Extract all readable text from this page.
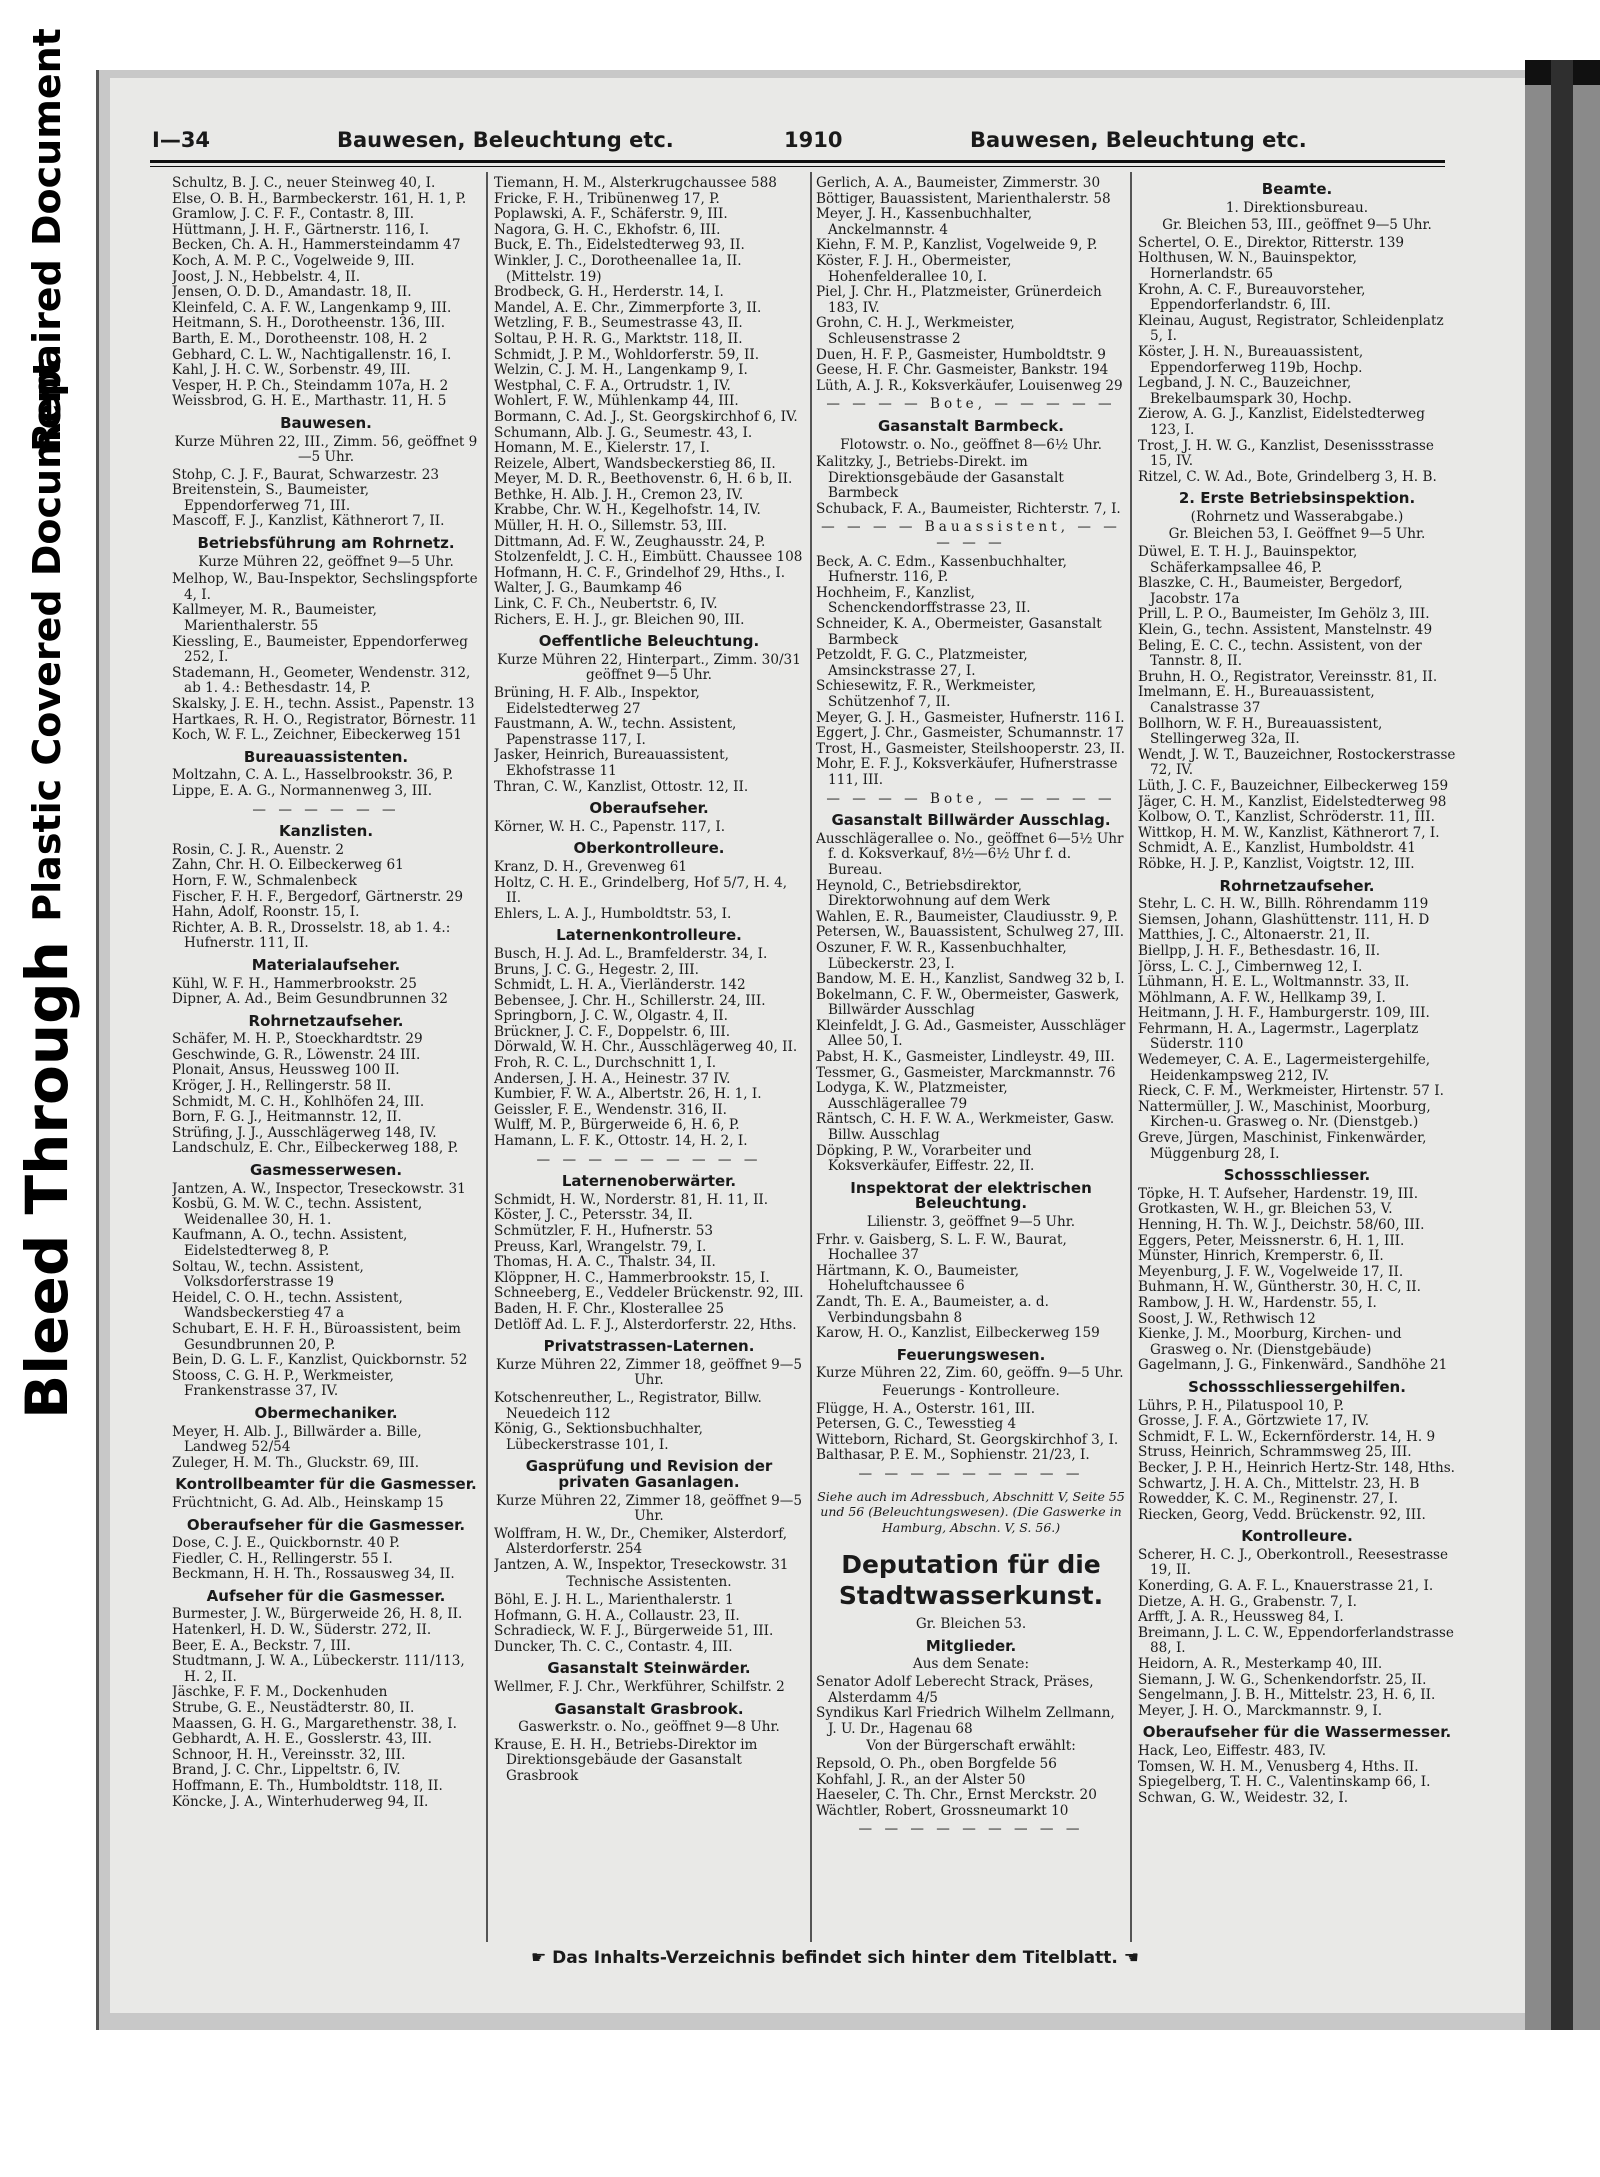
Bleed Through
Plastic Covered Document
Repaired Document	I—34	Bauwesen, Beleuchtung etc.	1910	Bauwesen, Beleuchtung etc.

Schultz, B. J. C., neuer Steinweg 40, I.

Else, O. B. H., Barmbeckerstr. 161, H. 1, P.

Gramlow, J. C. F. F., Contastr. 8, III.

Hüttmann, J. H. F., Gärtnerstr. 116, I.

Becken, Ch. A. H., Hammersteindamm 47

Koch, A. M. P. C., Vogelweide 9, III.

Joost, J. N., Hebbelstr. 4, II.

Jensen, O. D. D., Amandastr. 18, II.

Kleinfeld, C. A. F. W., Langenkamp 9, III.

Heitmann, S. H., Dorotheenstr. 136, III.

Barth, E. M., Dorotheenstr. 108, H. 2

Gebhard, C. L. W., Nachtigallenstr. 16, I.

Kahl, J. H. C. W., Sorbenstr. 49, III.

Vesper, H. P. Ch., Steindamm 107a, H. 2

Weissbrod, G. H. E., Marthastr. 11, H. 5

Bauwesen.

Kurze Mühren 22, III., Zimm. 56, geöffnet 9—5 Uhr.

Stohp, C. J. F., Baurat, Schwarzestr. 23

Breitenstein, S., Baumeister, Eppendorferweg 71, III.

Mascoff, F. J., Kanzlist, Käthnerort 7, II.

Betriebsführung am Rohrnetz.

Kurze Mühren 22, geöffnet 9—5 Uhr.

Melhop, W., Bau-Inspektor, Sechslingspforte 4, I.

Kallmeyer, M. R., Baumeister, Marienthalerstr. 55

Kiessling, E., Baumeister, Eppendorferweg 252, I.

Stademann, H., Geometer, Wendenstr. 312, ab 1. 4.: Bethesdastr. 14, P.

Skalsky, J. E. H., techn. Assist., Papenstr. 13

Hartkaes, R. H. O., Registrator, Börnestr. 11

Koch, W. F. L., Zeichner, Eibeckerweg 151

Bureauassistenten.

Moltzahn, C. A. L., Hasselbrookstr. 36, P.

Lippe, E. A. G., Normannenweg 3, III.

— — — — — —

Kanzlisten.

Rosin, C. J. R., Auenstr. 2

Zahn, Chr. H. O. Eilbeckerweg 61

Horn, F. W., Schmalenbeck

Fischer, F. H. F., Bergedorf, Gärtnerstr. 29

Hahn, Adolf, Roonstr. 15, I.

Richter, A. B. R., Drosselstr. 18, ab 1. 4.: Hufnerstr. 111, II.

Materialaufseher.

Kühl, W. F. H., Hammerbrookstr. 25

Dipner, A. Ad., Beim Gesundbrunnen 32

Rohrnetzaufseher.

Schäfer, M. H. P., Stoeckhardtstr. 29

Geschwinde, G. R., Löwenstr. 24 III.

Plonait, Ansus, Heussweg 100 II.

Kröger, J. H., Rellingerstr. 58 II.

Schmidt, M. C. H., Kohlhöfen 24, III.

Born, F. G. J., Heitmannstr. 12, II.

Strüfing, J. J., Ausschlägerweg 148, IV.

Landschulz, E. Chr., Eilbeckerweg 188, P.

Gasmesserwesen.

Jantzen, A. W., Inspector, Treseckowstr. 31

Kosbü, G. M. W. C., techn. Assistent, Weidenallee 30, H. 1.

Kaufmann, A. O., techn. Assistent, Eidelstedterweg 8, P.

Soltau, W., techn. Assistent, Volksdorferstrasse 19

Heidel, C. O. H., techn. Assistent, Wandsbeckerstieg 47 a

Schubart, E. H. F. H., Büroassistent, beim Gesundbrunnen 20, P.

Bein, D. G. L. F., Kanzlist, Quickbornstr. 52

Stooss, C. G. H. P., Werkmeister, Frankenstrasse 37, IV.

Obermechaniker.

Meyer, H. Alb. J., Billwärder a. Bille, Landweg 52/54

Zuleger, H. M. Th., Gluckstr. 69, III.

Kontrollbeamter für die Gasmesser.

Früchtnicht, G. Ad. Alb., Heinskamp 15

Oberaufseher für die Gasmesser.

Dose, C. J. E., Quickbornstr. 40 P.

Fiedler, C. H., Rellingerstr. 55 I.

Beckmann, H. H. Th., Rossausweg 34, II.

Aufseher für die Gasmesser.

Burmester, J. W., Bürgerweide 26, H. 8, II.

Hatenkerl, H. D. W., Süderstr. 272, II.

Beer, E. A., Beckstr. 7, III.

Studtmann, J. W. A., Lübeckerstr. 111/113, H. 2, II.

Jäschke, F. F. M., Dockenhuden

Strube, G. E., Neustädterstr. 80, II.

Maassen, G. H. G., Margarethenstr. 38, I.

Gebhardt, A. H. E., Gosslerstr. 43, III.

Schnoor, H. H., Vereinsstr. 32, III.

Brand, J. C. Chr., Lippeltstr. 6, IV.

Hoffmann, E. Th., Humboldtstr. 118, II.

Köncke, J. A., Winterhuderweg 94, II.

Tiemann, H. M., Alsterkrugchaussee 588

Fricke, F. H., Tribünenweg 17, P.

Poplawski, A. F., Schäferstr. 9, III.

Nagora, G. H. C., Ekhofstr. 6, III.

Buck, E. Th., Eidelstedterweg 93, II.

Winkler, J. C., Dorotheenallee 1a, II. (Mittelstr. 19)

Brodbeck, G. H., Herderstr. 14, I.

Mandel, A. E. Chr., Zimmerpforte 3, II.

Wetzling, F. B., Seumestrasse 43, II.

Soltau, P. H. R. G., Marktstr. 118, II.

Schmidt, J. P. M., Wohldorferstr. 59, II.

Welzin, C. J. M. H., Langenkamp 9, I.

Westphal, C. F. A., Ortrudstr. 1, IV.

Wohlert, F. W., Mühlenkamp 44, III.

Bormann, C. Ad. J., St. Georgskirchhof 6, IV.

Schumann, Alb. J. G., Seumestr. 43, I.

Homann, M. E., Kielerstr. 17, I.

Reizele, Albert, Wandsbeckerstieg 86, II.

Meyer, M. D. R., Beethovenstr. 6, H. 6 b, II.

Bethke, H. Alb. J. H., Cremon 23, IV.

Krabbe, Chr. W. H., Kegelhofstr. 14, IV.

Müller, H. H. O., Sillemstr. 53, III.

Dittmann, Ad. F. W., Zeughausstr. 24, P.

Stolzenfeldt, J. C. H., Eimbütt. Chaussee 108

Hofmann, H. C. F., Grindelhof 29, Hths., I.

Walter, J. G., Baumkamp 46

Link, C. F. Ch., Neubertstr. 6, IV.

Richers, E. H. J., gr. Bleichen 90, III.

Oeffentliche Beleuchtung.

Kurze Mühren 22, Hinterpart., Zimm. 30/31 geöffnet 9—5 Uhr.

Brüning, H. F. Alb., Inspektor, Eidelstedterweg 27

Faustmann, A. W., techn. Assistent, Papenstrasse 117, I.

Jasker, Heinrich, Bureauassistent, Ekhofstrasse 11

Thran, C. W., Kanzlist, Ottostr. 12, II.

Oberaufseher.

Körner, W. H. C., Papenstr. 117, I.

Oberkontrolleure.

Kranz, D. H., Grevenweg 61

Holtz, C. H. E., Grindelberg, Hof 5/7, H. 4, II.

Ehlers, L. A. J., Humboldtstr. 53, I.

Laternenkontrolleure.

Busch, H. J. Ad. L., Bramfelderstr. 34, I.

Bruns, J. C. G., Hegestr. 2, III.

Schmidt, L. H. A., Vierländerstr. 142

Bebensee, J. Chr. H., Schillerstr. 24, III.

Springborn, J. C. W., Olgastr. 4, II.

Brückner, J. C. F., Doppelstr. 6, III.

Dörwald, W. H. Chr., Ausschlägerweg 40, II.

Froh, R. C. L., Durchschnitt 1, I.

Andersen, J. H. A., Heinestr. 37 IV.

Kumbier, F. W. A., Albertstr. 26, H. 1, I.

Geissler, F. E., Wendenstr. 316, II.

Wulff, M. P., Bürgerweide 6, H. 6, P.

Hamann, L. F. K., Ottostr. 14, H. 2, I.

— — — — — — — — —

Laternenoberwärter.

Schmidt, H. W., Norderstr. 81, H. 11, II.

Köster, J. C., Petersstr. 34, II.

Schmützler, F. H., Hufnerstr. 53

Preuss, Karl, Wrangelstr. 79, I.

Thomas, H. A. C., Thalstr. 34, II.

Klöppner, H. C., Hammerbrookstr. 15, I.

Schneeberg, E., Veddeler Brückenstr. 92, III.

Baden, H. F. Chr., Klosterallee 25

Detlöff Ad. L. F. J., Alsterdorferstr. 22, Hths.

Privatstrassen-Laternen.

Kurze Mühren 22, Zimmer 18, geöffnet 9—5 Uhr.

Kotschenreuther, L., Registrator, Billw. Neuedeich 112

König, G., Sektionsbuchhalter, Lübeckerstrasse 101, I.

Gasprüfung und Revision der privaten Gasanlagen.

Kurze Mühren 22, Zimmer 18, geöffnet 9—5 Uhr.

Wolffram, H. W., Dr., Chemiker, Alsterdorf, Alsterdorferstr. 254

Jantzen, A. W., Inspektor, Treseckowstr. 31

Technische Assistenten.

Böhl, E. J. H. L., Marienthalerstr. 1

Hofmann, G. H. A., Collaustr. 23, II.

Schradieck, W. F. J., Bürgerweide 51, III.

Duncker, Th. C. C., Contastr. 4, III.

Gasanstalt Steinwärder.

Wellmer, F. J. Chr., Werkführer, Schilfstr. 2

Gasanstalt Grasbrook.

Gaswerkstr. o. No., geöffnet 9—8 Uhr.

Krause, E. H. H., Betriebs-Direktor im Direktionsgebäude der Gasanstalt Grasbrook

Gerlich, A. A., Baumeister, Zimmerstr. 30

Böttiger, Bauassistent, Marienthalerstr. 58

Meyer, J. H., Kassenbuchhalter, Anckelmannstr. 4

Kiehn, F. M. P., Kanzlist, Vogelweide 9, P.

Köster, F. J. H., Obermeister, Hohenfelderallee 10, I.

Piel, J. Chr. H., Platzmeister, Grünerdeich 183, IV.

Grohn, C. H. J., Werkmeister, Schleusenstrasse 2

Duen, H. F. P., Gasmeister, Humboldtstr. 9

Geese, H. F. Chr. Gasmeister, Bankstr. 194

Lüth, A. J. R., Koksverkäufer, Louisenweg 29

— — — — Bote, — — — — —

Gasanstalt Barmbeck.

Flotowstr. o. No., geöffnet 8—6½ Uhr.

Kalitzky, J., Betriebs-Direkt. im Direktionsgebäude der Gasanstalt Barmbeck

Schuback, F. A., Baumeister, Richterstr. 7, I.

— — — — Bauassistent, — — — — —

Beck, A. C. Edm., Kassenbuchhalter, Hufnerstr. 116, P.

Hochheim, F., Kanzlist, Schenckendorffstrasse 23, II.

Schneider, K. A., Obermeister, Gasanstalt Barmbeck

Petzoldt, F. G. C., Platzmeister, Amsinckstrasse 27, I.

Schiesewitz, F. R., Werkmeister, Schützenhof 7, II.

Meyer, G. J. H., Gasmeister, Hufnerstr. 116 I.

Eggert, J. Chr., Gasmeister, Schumannstr. 17

Trost, H., Gasmeister, Steilshooperstr. 23, II.

Mohr, E. F. J., Koksverkäufer, Hufnerstrasse 111, III.

— — — — Bote, — — — — —

Gasanstalt Billwärder Ausschlag.

Ausschlägerallee o. No., geöffnet 6—5½ Uhr f. d. Koksverkauf, 8½—6½ Uhr f. d. Bureau.

Heynold, C., Betriebsdirektor, Direktorwohnung auf dem Werk

Wahlen, E. R., Baumeister, Claudiusstr. 9, P.

Petersen, W., Bauassistent, Schulweg 27, III.

Oszuner, F. W. R., Kassenbuchhalter, Lübeckerstr. 23, I.

Bandow, M. E. H., Kanzlist, Sandweg 32 b, I.

Bokelmann, C. F. W., Obermeister, Gaswerk, Billwärder Ausschlag

Kleinfeldt, J. G. Ad., Gasmeister, Ausschläger Allee 50, I.

Pabst, H. K., Gasmeister, Lindleystr. 49, III.

Tessmer, G., Gasmeister, Marckmannstr. 76

Lodyga, K. W., Platzmeister, Ausschlägerallee 79

Räntsch, C. H. F. W. A., Werkmeister, Gasw. Billw. Ausschlag

Döpking, P. W., Vorarbeiter und Koksverkäufer, Eiffestr. 22, II.

Inspektorat der elektrischen Beleuchtung.

Lilienstr. 3, geöffnet 9—5 Uhr.

Frhr. v. Gaisberg, S. L. F. W., Baurat, Hochallee 37

Härtmann, K. O., Baumeister, Hoheluftchaussee 6

Zandt, Th. E. A., Baumeister, a. d. Verbindungsbahn 8

Karow, H. O., Kanzlist, Eilbeckerweg 159

Feuerungswesen.

Kurze Mühren 22, Zim. 60, geöffn. 9—5 Uhr.

Feuerungs - Kontrolleure.

Flügge, H. A., Osterstr. 161, III.

Petersen, G. C., Tewesstieg 4

Witteborn, Richard, St. Georgskirchhof 3, I.

Balthasar, P. E. M., Sophienstr. 21/23, I.

— — — — — — — — —

Siehe auch im Adressbuch, Abschnitt V, Seite 55 und 56 (Beleuchtungswesen). (Die Gaswerke in Hamburg, Abschn. V, S. 56.)

Deputation für die Stadtwasserkunst.

Gr. Bleichen 53.

Mitglieder.

Aus dem Senate:

Senator Adolf Leberecht Strack, Präses, Alsterdamm 4/5

Syndikus Karl Friedrich Wilhelm Zellmann, J. U. Dr., Hagenau 68

Von der Bürgerschaft erwählt:

Repsold, O. Ph., oben Borgfelde 56

Kohfahl, J. R., an der Alster 50

Haeseler, C. Th. Chr., Ernst Merckstr. 20

Wächtler, Robert, Grossneumarkt 10

— — — — — — — — —

Beamte.

1. Direktionsbureau.

Gr. Bleichen 53, III., geöffnet 9—5 Uhr.

Schertel, O. E., Direktor, Ritterstr. 139

Holthusen, W. N., Bauinspektor, Hornerlandstr. 65

Krohn, A. C. F., Bureauvorsteher, Eppendorferlandstr. 6, III.

Kleinau, August, Registrator, Schleidenplatz 5, I.

Köster, J. H. N., Bureauassistent, Eppendorferweg 119b, Hochp.

Legband, J. N. C., Bauzeichner, Brekelbaumspark 30, Hochp.

Zierow, A. G. J., Kanzlist, Eidelstedterweg 123, I.

Trost, J. H. W. G., Kanzlist, Desenissstrasse 15, IV.

Ritzel, C. W. Ad., Bote, Grindelberg 3, H. B.

2. Erste Betriebsinspektion.

(Rohrnetz und Wasserabgabe.)

Gr. Bleichen 53, I. Geöffnet 9—5 Uhr.

Düwel, E. T. H. J., Bauinspektor, Schäferkampsallee 46, P.

Blaszke, C. H., Baumeister, Bergedorf, Jacobstr. 17a

Prill, L. P. O., Baumeister, Im Gehölz 3, III.

Klein, G., techn. Assistent, Manstelnstr. 49

Beling, E. C. C., techn. Assistent, von der Tannstr. 8, II.

Bruhn, H. O., Registrator, Vereinsstr. 81, II.

Imelmann, E. H., Bureauassistent, Canalstrasse 37

Bollhorn, W. F. H., Bureauassistent, Stellingerweg 32a, II.

Wendt, J. W. T., Bauzeichner, Rostockerstrasse 72, IV.

Lüth, J. C. F., Bauzeichner, Eilbeckerweg 159

Jäger, C. H. M., Kanzlist, Eidelstedterweg 98

Kolbow, O. T., Kanzlist, Schröderstr. 11, III.

Wittkop, H. M. W., Kanzlist, Käthnerort 7, I.

Schmidt, A. E., Kanzlist, Humboldstr. 41

Röbke, H. J. P., Kanzlist, Voigtstr. 12, III.

Rohrnetzaufseher.

Stehr, L. C. H. W., Billh. Röhrendamm 119

Siemsen, Johann, Glashüttenstr. 111, H. D

Matthies, J. C., Altonaerstr. 21, II.

Biellpp, J. H. F., Bethesdastr. 16, II.

Jörss, L. C. J., Cimbernweg 12, I.

Lühmann, H. E. L., Woltmannstr. 33, II.

Möhlmann, A. F. W., Hellkamp 39, I.

Heitmann, J. H. F., Hamburgerstr. 109, III.

Fehrmann, H. A., Lagermstr., Lagerplatz Süderstr. 110

Wedemeyer, C. A. E., Lagermeistergehilfe, Heidenkampsweg 212, IV.

Rieck, C. F. M., Werkmeister, Hirtenstr. 57 I.

Nattermüller, J. W., Maschinist, Moorburg, Kirchen-u. Grasweg o. Nr. (Dienstgeb.)

Greve, Jürgen, Maschinist, Finkenwärder, Müggenburg 28, I.

Schossschliesser.

Töpke, H. T. Aufseher, Hardenstr. 19, III.

Grotkasten, W. H., gr. Bleichen 53, V.

Henning, H. Th. W. J., Deichstr. 58/60, III.

Eggers, Peter, Meissnerstr. 6, H. 1, III.

Münster, Hinrich, Kremperstr. 6, II.

Meyenburg, J. F. W., Vogelweide 17, II.

Buhmann, H. W., Güntherstr. 30, H. C, II.

Rambow, J. H. W., Hardenstr. 55, I.

Soost, J. W., Rethwisch 12

Kienke, J. M., Moorburg, Kirchen- und Grasweg o. Nr. (Dienstgebäude)

Gagelmann, J. G., Finkenwärd., Sandhöhe 21

Schossschliessergehilfen.

Lührs, P. H., Pilatuspool 10, P.

Grosse, J. F. A., Görtzwiete 17, IV.

Schmidt, F. L. W., Eckernförderstr. 14, H. 9

Struss, Heinrich, Schrammsweg 25, III.

Becker, J. P. H., Heinrich Hertz-Str. 148, Hths.

Schwartz, J. H. A. Ch., Mittelstr. 23, H. B

Rowedder, K. C. M., Reginenstr. 27, I.

Riecken, Georg, Vedd. Brückenstr. 92, III.

Kontrolleure.

Scherer, H. C. J., Oberkontroll., Reesestrasse 19, II.

Konerding, G. A. F. L., Knauerstrasse 21, I.

Dietze, A. H. G., Grabenstr. 7, I.

Arfft, J. A. R., Heussweg 84, I.

Breimann, J. L. C. W., Eppendorferlandstrasse 88, I.

Heidorn, A. R., Mesterkamp 40, III.

Siemann, J. W. G., Schenkendorfstr. 25, II.

Sengelmann, J. B. H., Mittelstr. 23, H. 6, II.

Meyer, J. H. O., Marckmannstr. 9, I.

Oberaufseher für die Wassermesser.

Hack, Leo, Eiffestr. 483, IV.

Tomsen, W. H. M., Venusberg 4, Hths. II.

Spiegelberg, T. H. C., Valentinskamp 66, I.

Schwan, G. W., Weidestr. 32, I.

☛ Das Inhalts-Verzeichnis befindet sich hinter dem Titelblatt. ☚
